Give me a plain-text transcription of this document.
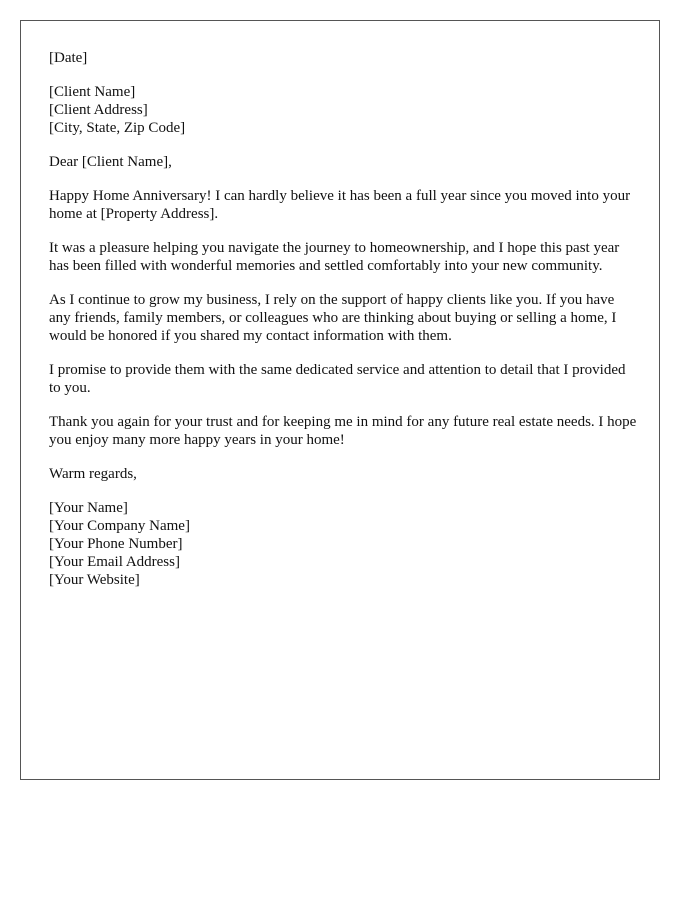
[Date]
[Client Name]
[Client Address]
[City, State, Zip Code]
Dear [Client Name],

Happy Home Anniversary! I can hardly believe it has been a full year since you moved into your home at [Property Address].

It was a pleasure helping you navigate the journey to homeownership, and I hope this past year has been filled with wonderful memories and settled comfortably into your new community.

As I continue to grow my business, I rely on the support of happy clients like you. If you have any friends, family members, or colleagues who are thinking about buying or selling a home, I would be honored if you shared my contact information with them.

I promise to provide them with the same dedicated service and attention to detail that I provided to you.

Thank you again for your trust and for keeping me in mind for any future real estate needs. I hope you enjoy many more happy years in your home!

Warm regards,
[Your Name]
[Your Company Name]
[Your Phone Number]
[Your Email Address]
[Your Website]
